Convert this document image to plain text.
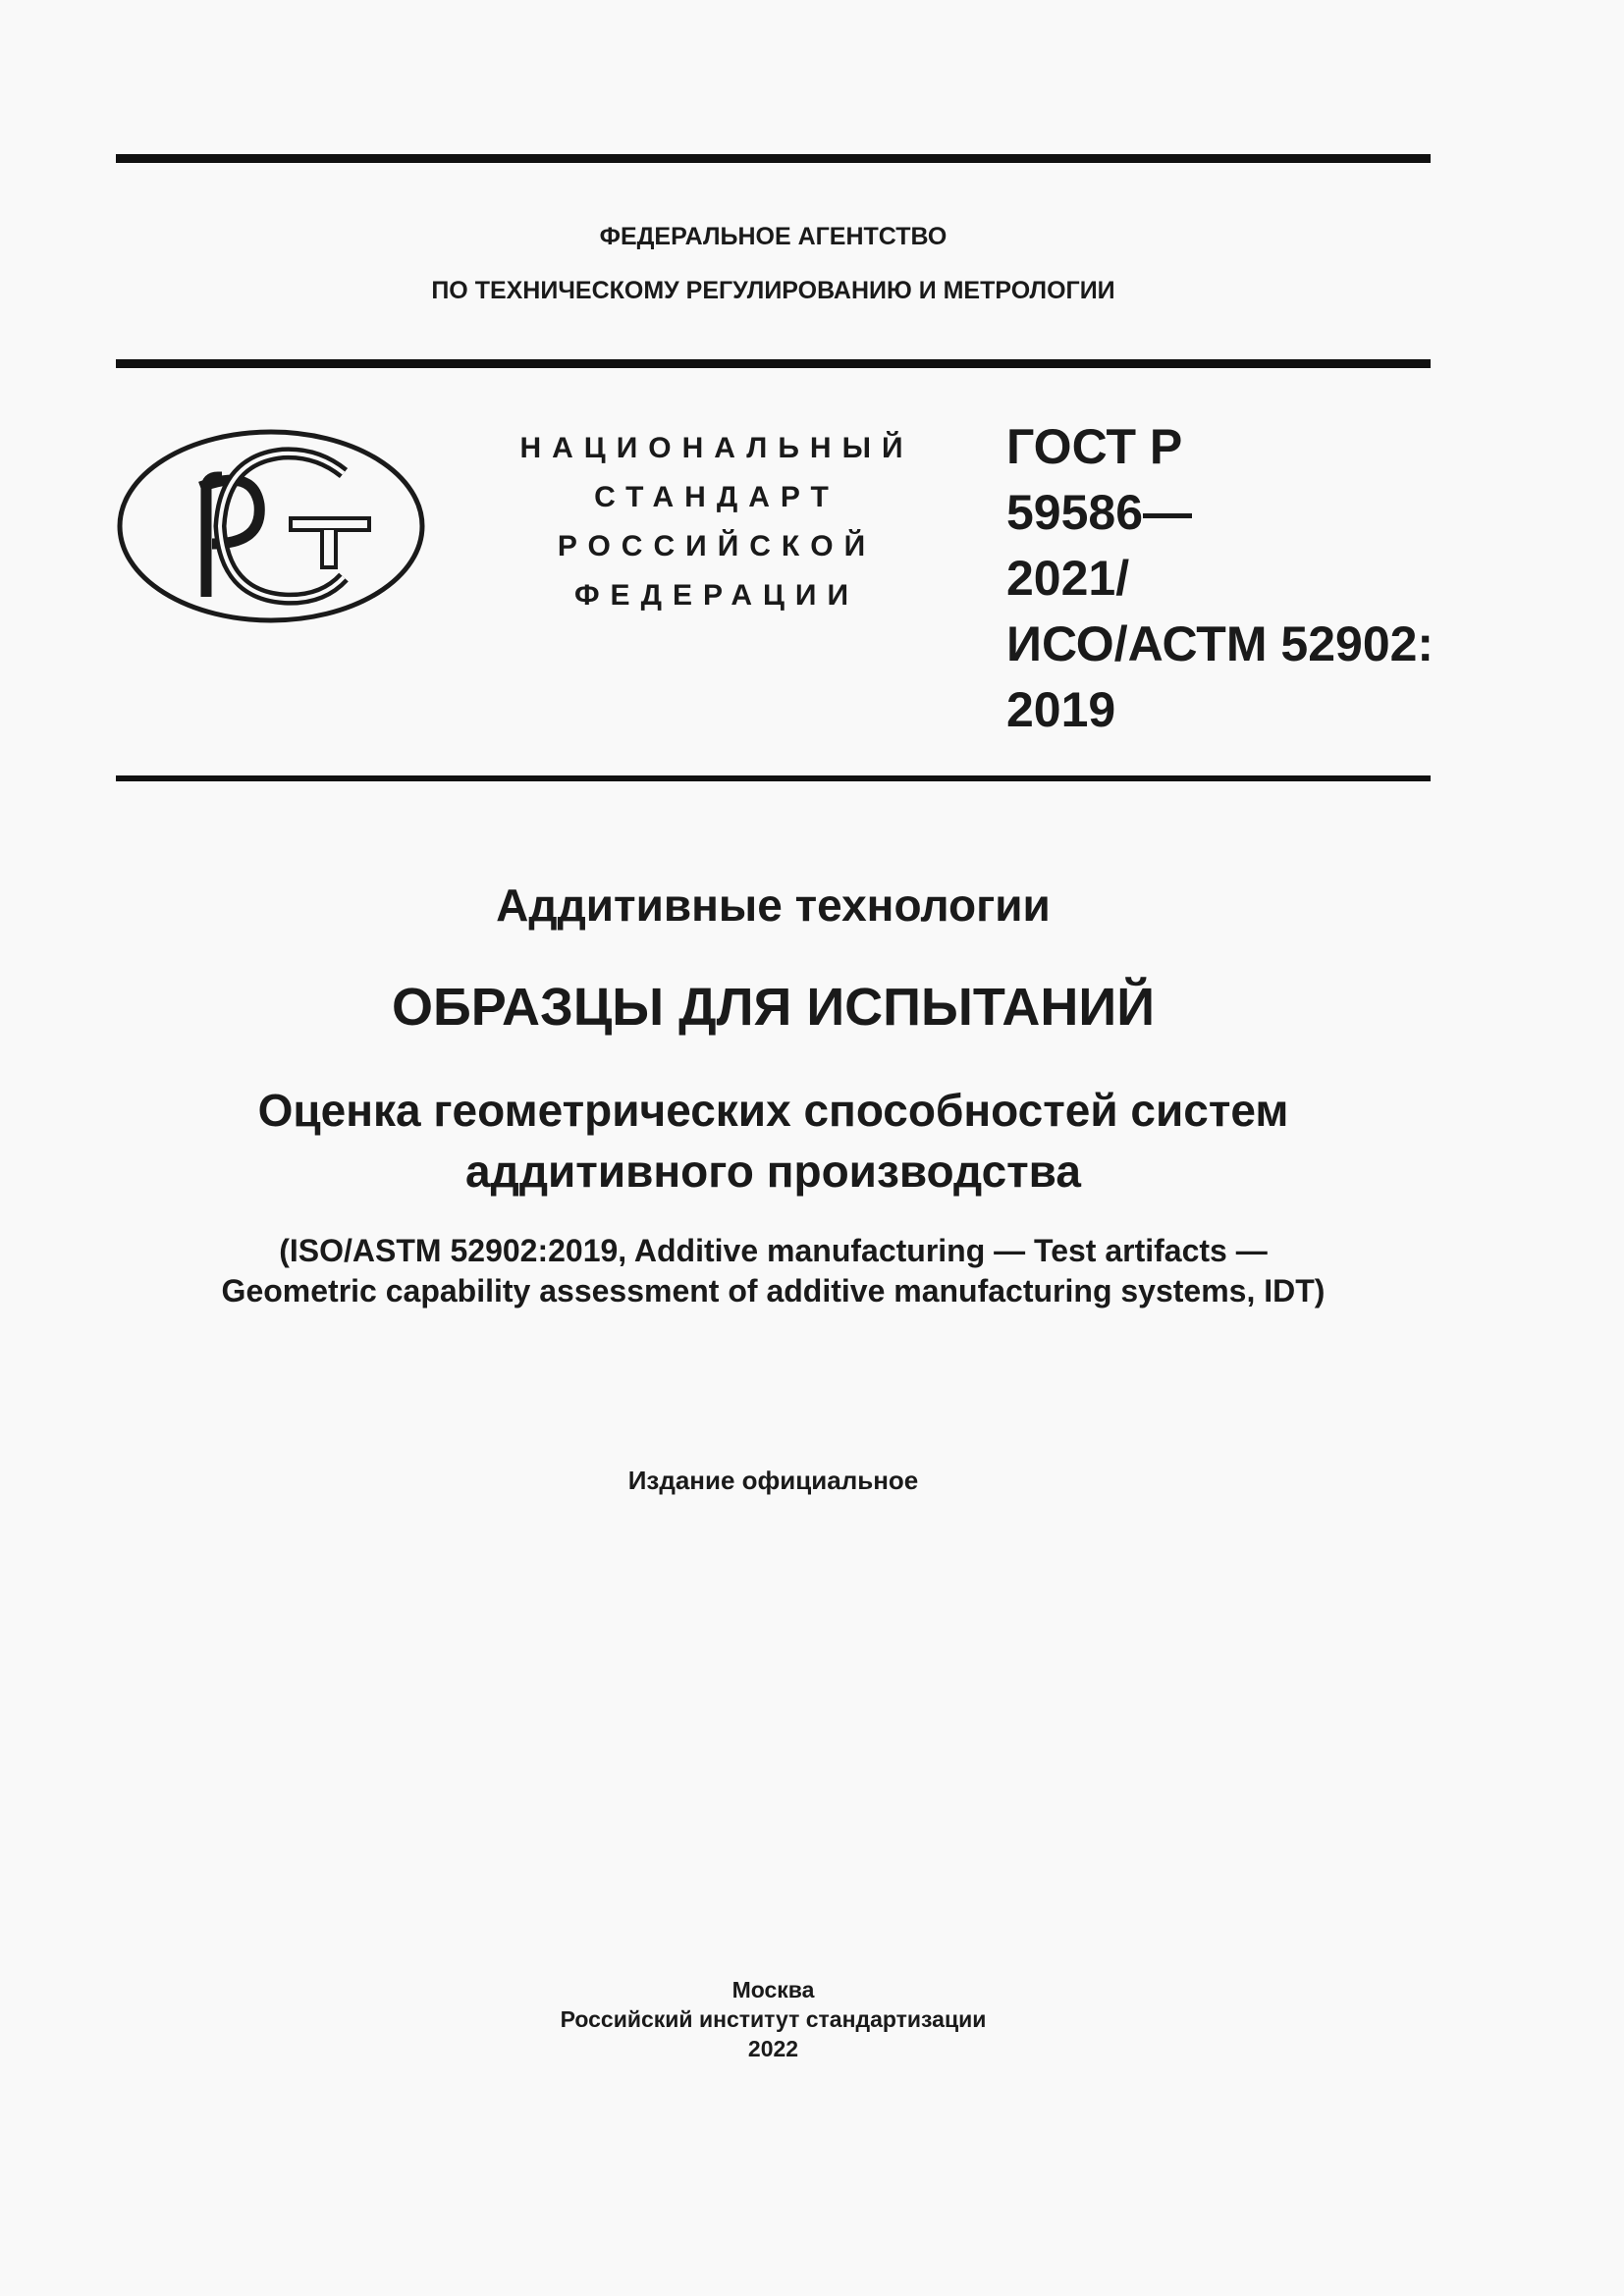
ФЕДЕРАЛЬНОЕ АГЕНТСТВО
ПО ТЕХНИЧЕСКОМУ РЕГУЛИРОВАНИЮ И МЕТРОЛОГИИ
НАЦИОНАЛЬНЫЙ
СТАНДАРТ
РОССИЙСКОЙ
ФЕДЕРАЦИИ
ГОСТ Р
59586—
2021/
ИСО/АСТМ 52902:
2019
Аддитивные технологии
ОБРАЗЦЫ ДЛЯ ИСПЫТАНИЙ
Оценка геометрических способностей систем
аддитивного производства
(ISO/ASTM 52902:2019, Additive manufacturing — Test artifacts —
Geometric capability assessment of additive manufacturing systems, IDT)
Издание официальное
Москва
Российский институт стандартизации
2022
